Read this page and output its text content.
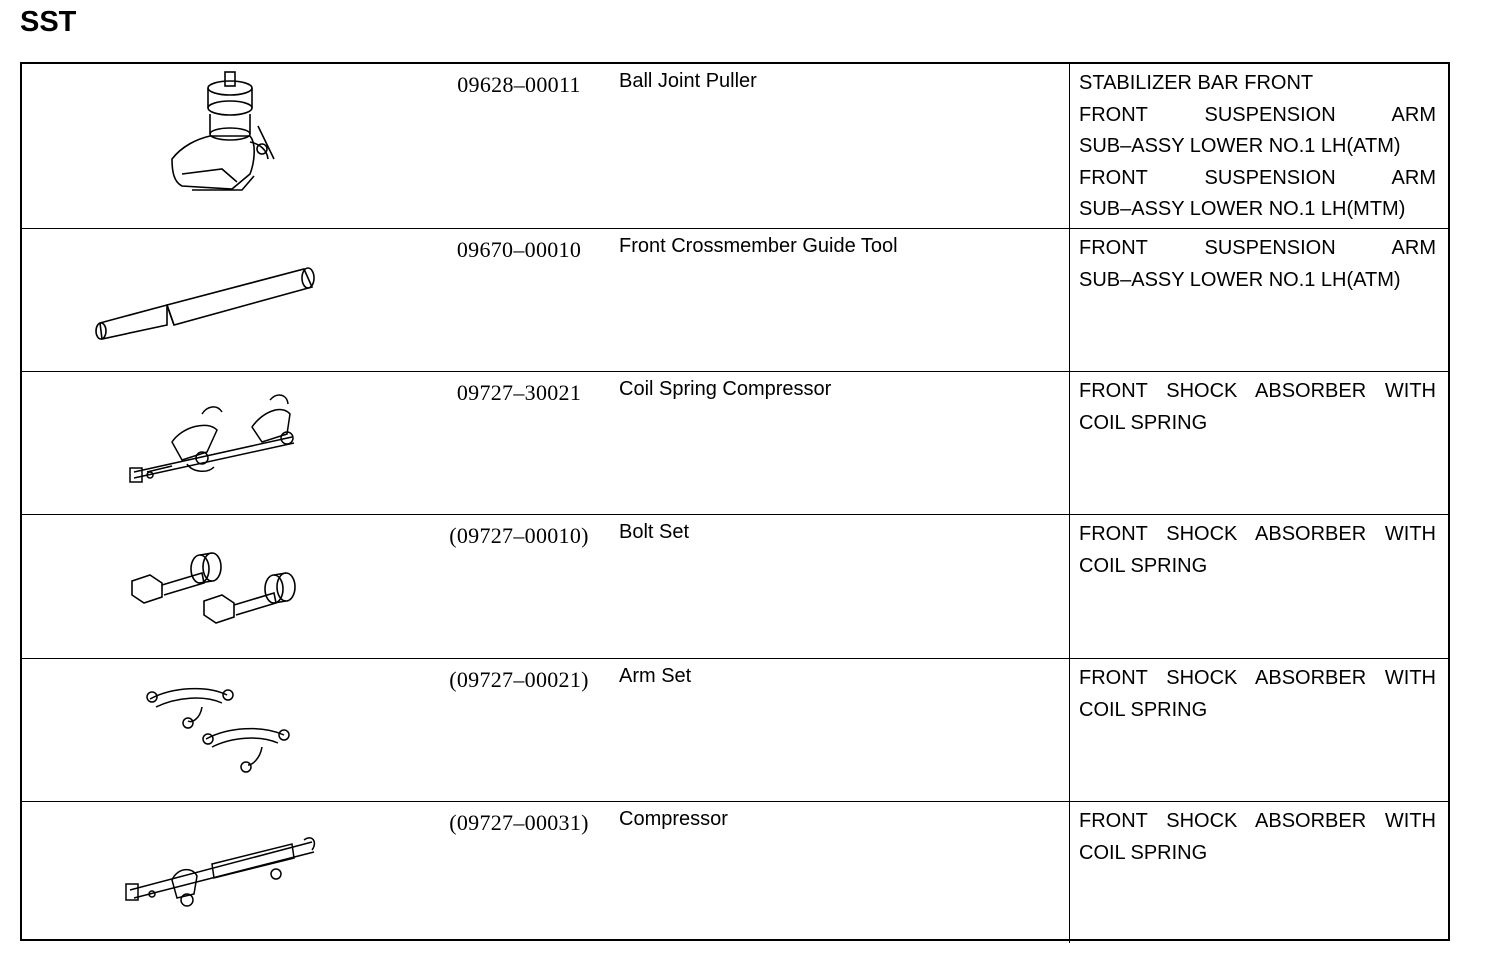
SST
09628–00011	Ball Joint Puller	STABILIZER BAR FRONT
FRONT SUSPENSION ARM
SUB–ASSY LOWER NO.1 LH(ATM)
FRONT SUSPENSION ARM
SUB–ASSY LOWER NO.1 LH(MTM)
09670–00010	Front Crossmember Guide Tool	FRONT SUSPENSION ARM
SUB–ASSY LOWER NO.1 LH(ATM)
09727–30021	Coil Spring Compressor	FRONT SHOCK ABSORBER WITH
COIL SPRING
(09727–00010)	Bolt Set	FRONT SHOCK ABSORBER WITH
COIL SPRING
(09727–00021)	Arm Set	FRONT SHOCK ABSORBER WITH
COIL SPRING
(09727–00031)	Compressor	FRONT SHOCK ABSORBER WITH
COIL SPRING
